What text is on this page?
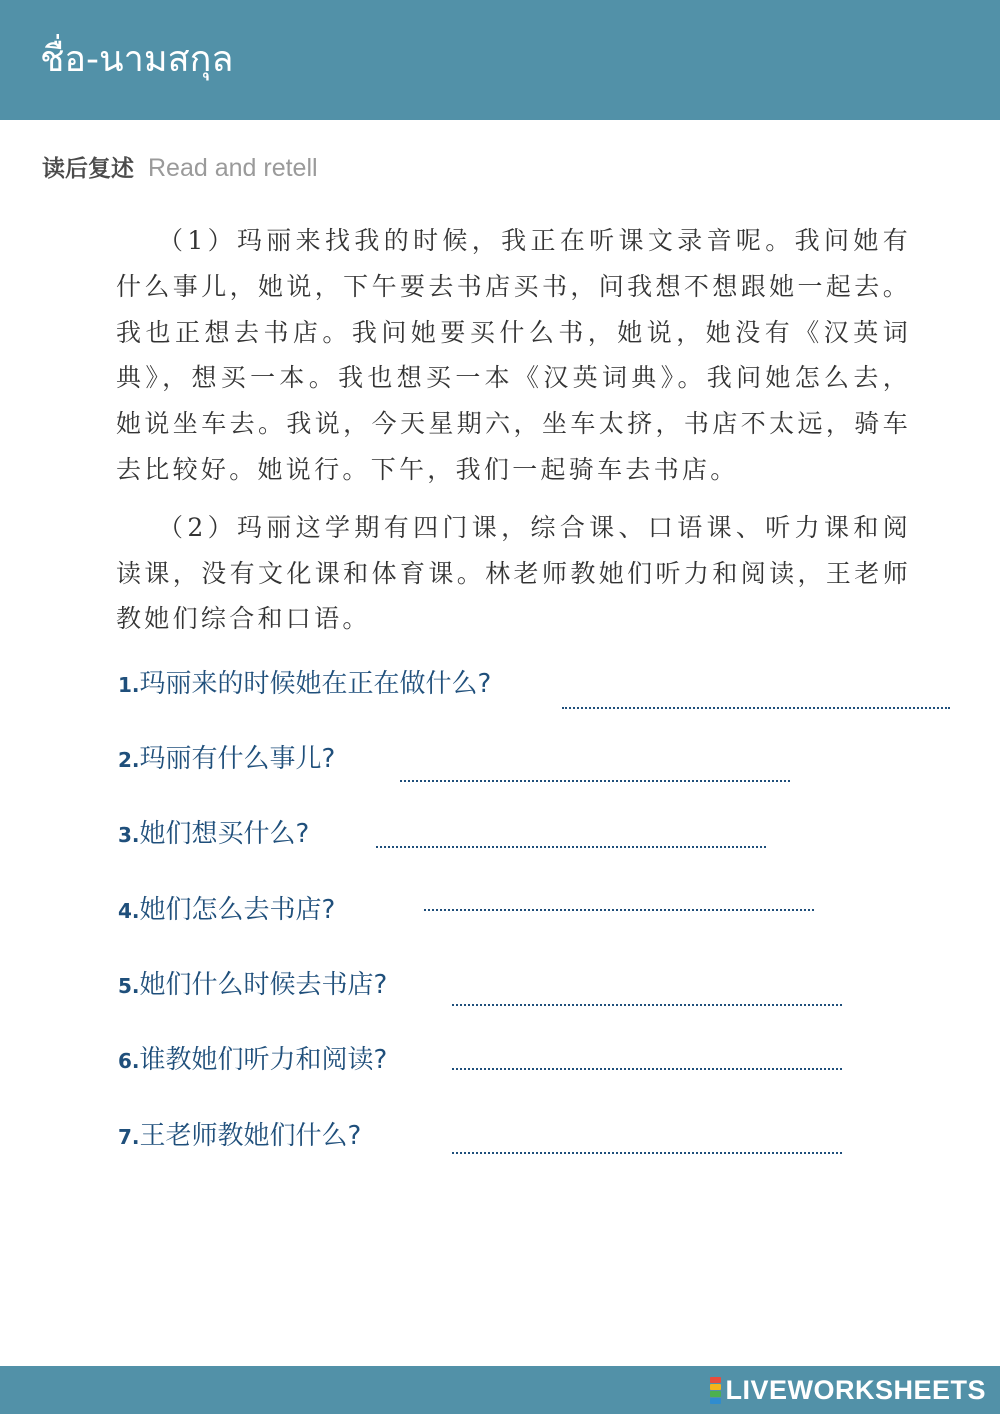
ชื่อ-นามสกุล
读后复述 Read and retell

（1）玛丽来找我的时候，我正在听课文录音呢。我问她有什么事儿，她说，下午要去书店买书，问我想不想跟她一起去。我也正想去书店。我问她要买什么书，她说，她没有《汉英词典》，想买一本。我也想买一本《汉英词典》。我问她怎么去，她说坐车去。我说，今天星期六，坐车太挤，书店不太远，骑车去比较好。她说行。下午，我们一起骑车去书店。

（2）玛丽这学期有四门课，综合课、口语课、听力课和阅读课，没有文化课和体育课。林老师教她们听力和阅读，王老师教她们综合和口语。

1.玛丽来的时候她在正在做什么?
2.玛丽有什么事儿?
3.她们想买什么?
4.她们怎么去书店?
5.她们什么时候去书店?
6.谁教她们听力和阅读?
7.王老师教她们什么?
LIVEWORKSHEETS
